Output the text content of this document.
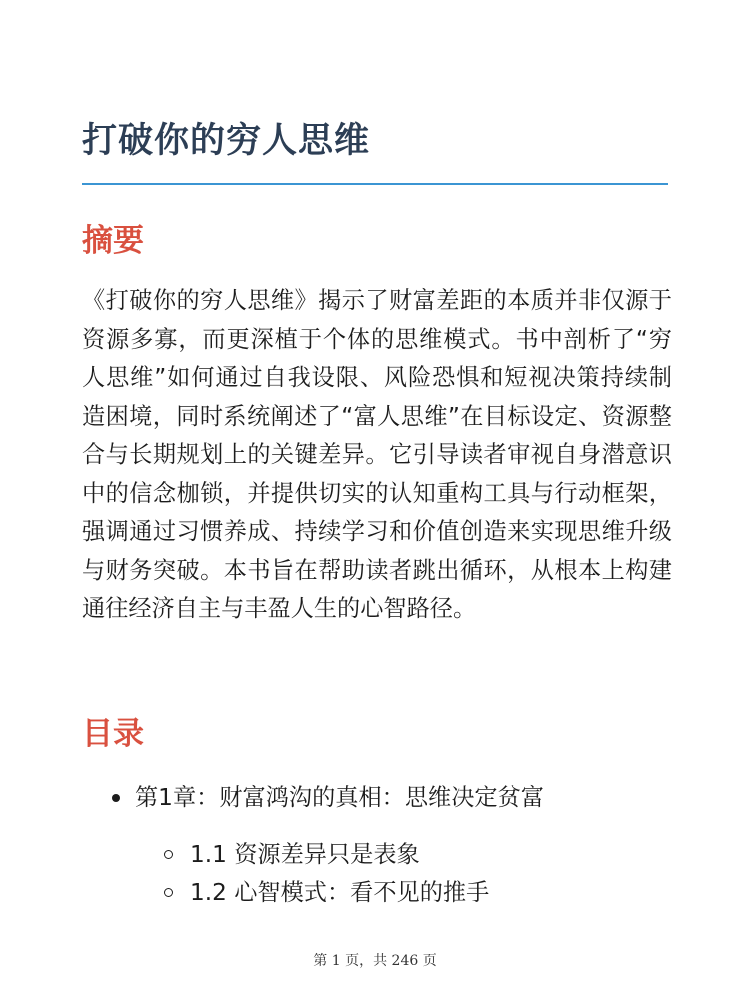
打破你的穷人思维
摘要

《打破你的穷人思维》揭示了财富差距的本质并非仅源于资源多寡，而更深植于个体的思维模式。书中剖析了“穷人思维”如何通过自我设限、风险恐惧和短视决策持续制造困境，同时系统阐述了“富人思维”在目标设定、资源整合与长期规划上的关键差异。它引导读者审视自身潜意识中的信念枷锁，并提供切实的认知重构工具与行动框架，强调通过习惯养成、持续学习和价值创造来实现思维升级与财务突破。本书旨在帮助读者跳出循环，从根本上构建通往经济自主与丰盈人生的心智路径。

目录
第1章：财富鸿沟的真相：思维决定贫富
1.1 资源差异只是表象
1.2 心智模式：看不见的推手
第 1 页，共 246 页
